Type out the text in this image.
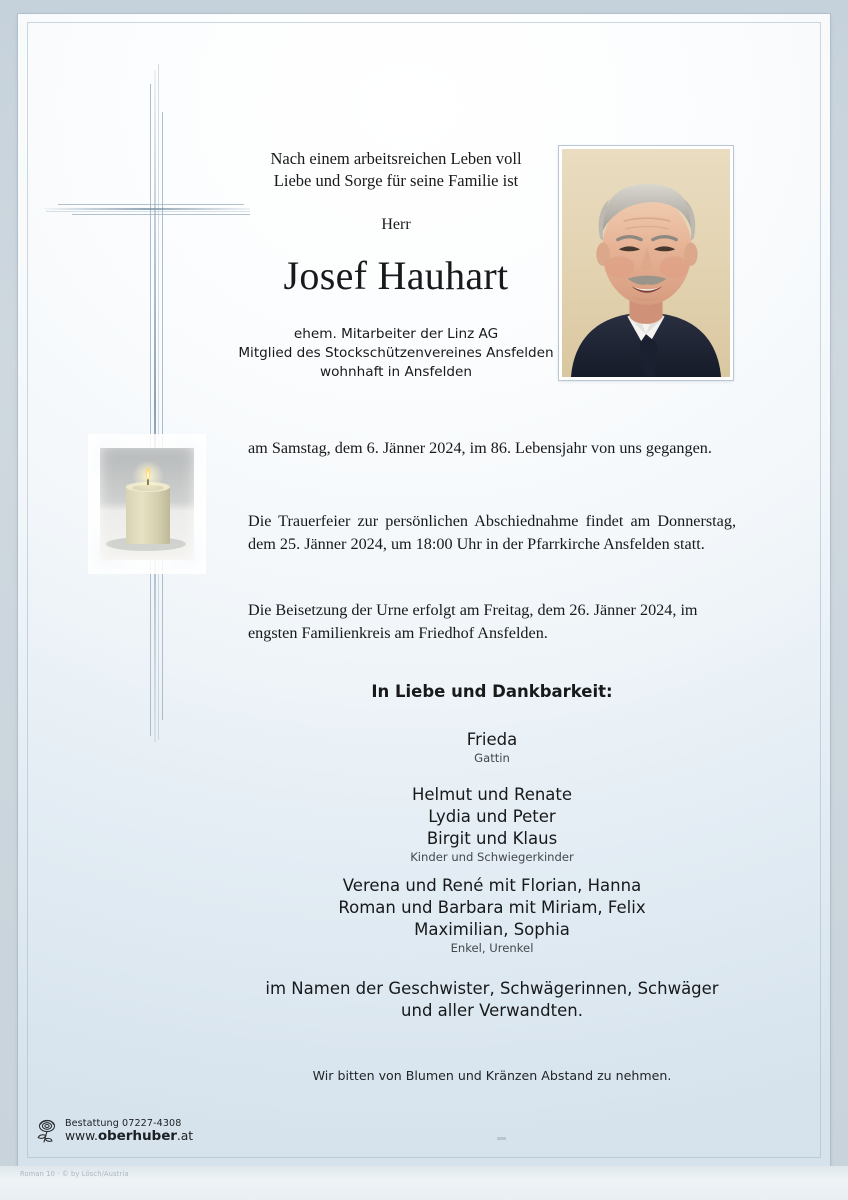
Nach einem arbeitsreichen Leben voll
Liebe und Sorge für seine Familie ist
Herr
Josef Hauhart
ehem. Mitarbeiter der Linz AG
Mitglied des Stockschützenvereines Ansfelden
wohnhaft in Ansfelden
am Samstag, dem 6. Jänner 2024, im 86. Lebensjahr von uns gegangen.
Die Trauerfeier zur persönlichen Abschiednahme findet am Donnerstag, dem 25. Jänner 2024, um 18:00 Uhr in der Pfarrkirche Ansfelden statt.
Die Beisetzung der Urne erfolgt am Freitag, dem 26. Jänner 2024, im engsten Familienkreis am Friedhof Ansfelden.
In Liebe und Dankbarkeit:
Frieda
Gattin
Helmut und Renate
Lydia und Peter
Birgit und Klaus
Kinder und Schwiegerkinder
Verena und René mit Florian, Hanna
Roman und Barbara mit Miriam, Felix
Maximilian, Sophia
Enkel, Urenkel
im Namen der Geschwister, Schwägerinnen, Schwäger
und aller Verwandten.
Wir bitten von Blumen und Kränzen Abstand zu nehmen.
Bestattung 07227-4308
www.oberhuber.at
Roman 10 · © by Lösch/Austria
